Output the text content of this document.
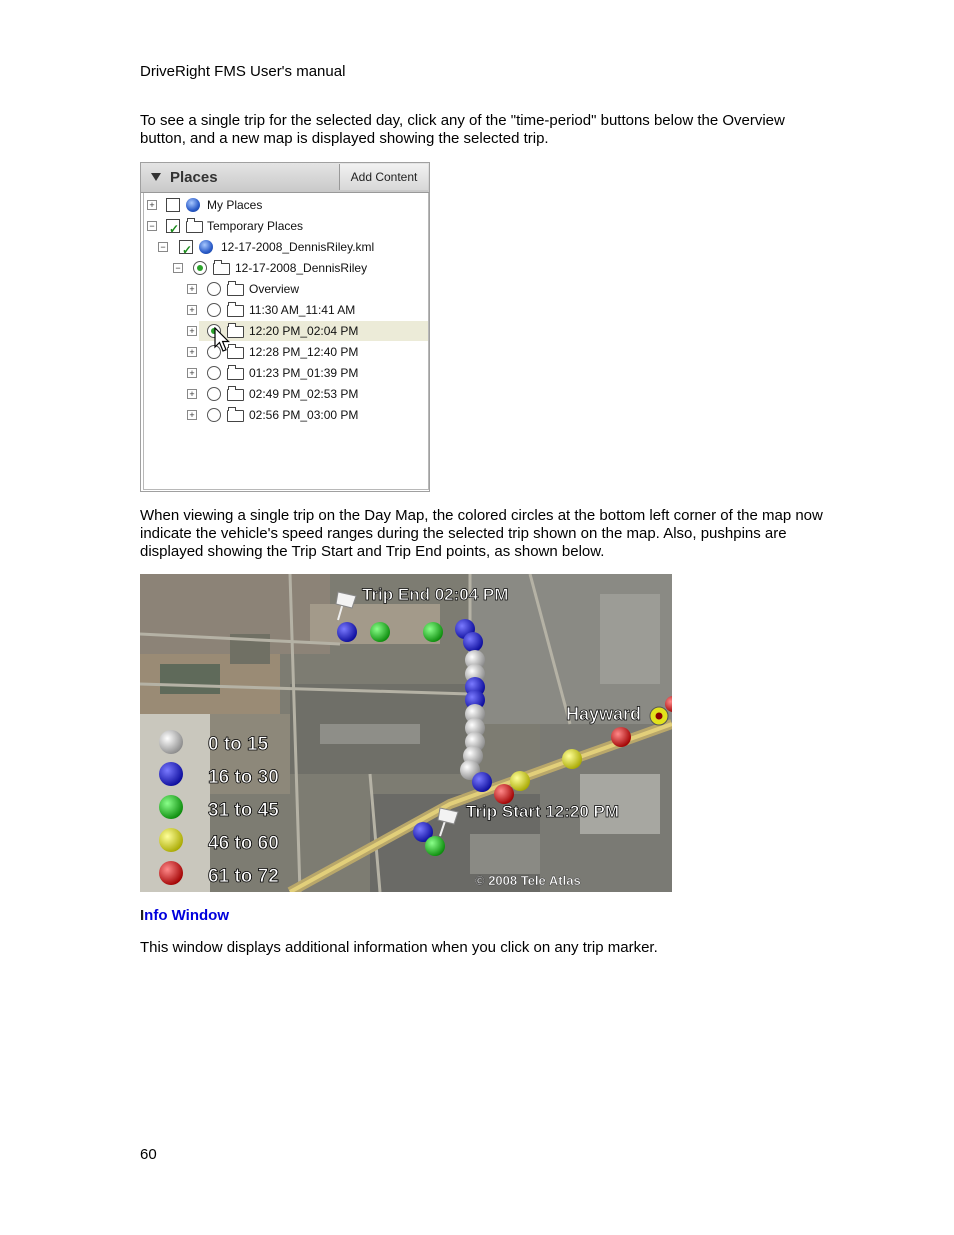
DriveRight FMS User's manual
To see a single trip for the selected day, click any of the "time-period" buttons below the Overview button, and a new map is displayed showing the selected trip.
Places	Add Content
+	My Places
− ✓ Temporary Places
− ✓ 12-17-2008_DennisRiley.kml
−	12-17-2008_DennisRiley
+	Overview
+	11:30 AM_11:41 AM
+	12:20 PM_02:04 PM
+	12:28 PM_12:40 PM
+	01:23 PM_01:39 PM
+	02:49 PM_02:53 PM
+	02:56 PM_03:00 PM
When viewing a single trip on the Day Map, the colored circles at the bottom left corner of the map now indicate the vehicle's speed ranges during the selected trip shown on the map. Also, pushpins are displayed showing the Trip Start and Trip End points, as shown below.
Trip End 02:04 PM
Trip Start 12:20 PM
Hayward
© 2008 Tele Atlas
0 to 15
16 to 30
31 to 45
46 to 60
61 to 72
Info Window
This window displays additional information when you click on any trip marker.
60
